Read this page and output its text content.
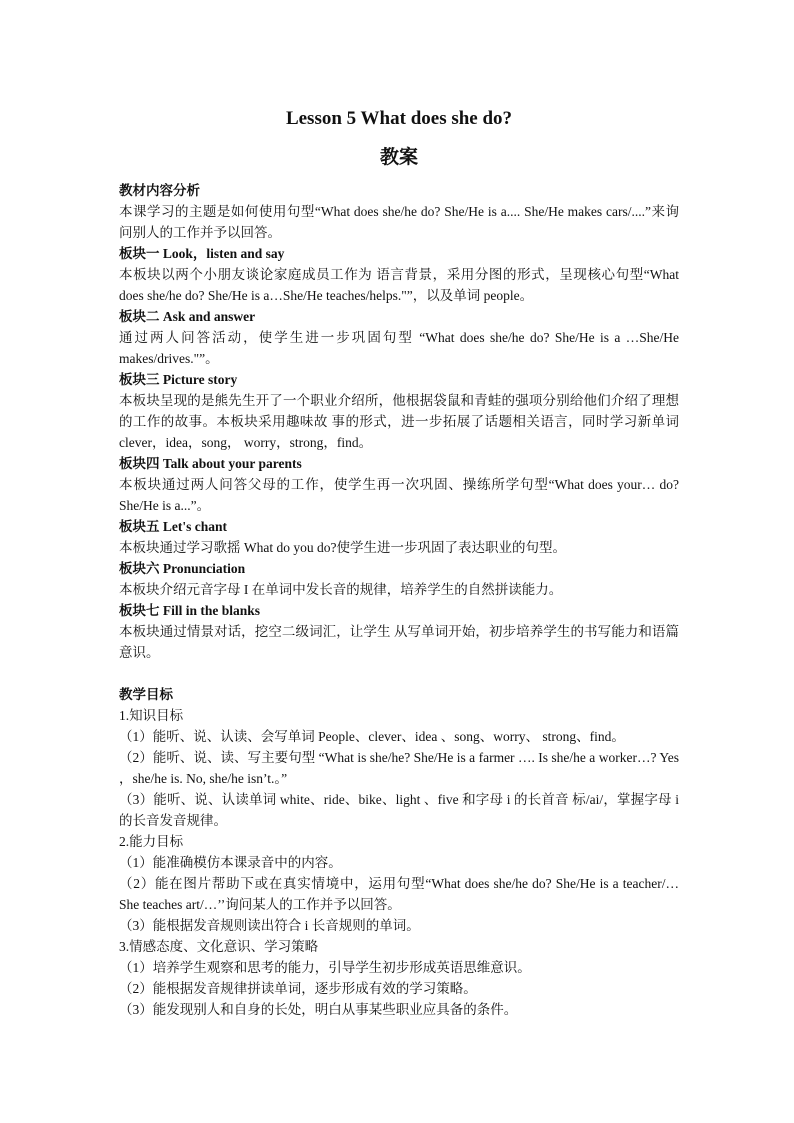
Lesson 5 What does she do?
教案

教材内容分析

本课学习的主题是如何使用句型“What does she/he do? She/He is a.... She/He makes cars/....”来询问别人的工作并予以回答。

板块一 Look，listen and say

本板块以两个小朋友谈论家庭成员工作为 语言背景，采用分图的形式，呈现核心句型“What does she/he do? She/He is a…She/He teaches/helps."”，以及单词 people。

板块二 Ask and answer

通过两人问答活动，使学生进一步巩固句型 “What does she/he do? She/He is a …She/He makes/drives."”。

板块三 Picture story

本板块呈现的是熊先生开了一个职业介绍所，他根据袋鼠和青蛙的强项分别给他们介绍了理想的工作的故事。本板块采用趣味故 事的形式，进一步拓展了话题相关语言，同时学习新单词 clever，idea，song， worry，strong，find。

板块四 Talk about your parents

本板块通过两人问答父母的工作，使学生再一次巩固、操练所学句型“What does your… do? She/He is a...”。

板块五 Let's chant

本板块通过学习歌摇 What do you do?使学生进一步巩固了表达职业的句型。

板块六 Pronunciation

本板块介绍元音字母 I 在单词中发长音的规律，培养学生的自然拼读能力。

板块七 Fill in the blanks

本板块通过情景对话，挖空二级词汇，让学生 从写单词开始，初步培养学生的书写能力和语篇意识。

教学目标

1.知识目标

（1）能听、说、认读、会写单词 People、clever、idea 、song、worry、 strong、find。

（2）能听、说、读、写主要句型 “What is she/he? She/He is a farmer …. Is she/he a worker…? Yes ，she/he is. No, she/he isn’t.。”

（3）能听、说、认读单词 white、ride、bike、light 、five 和字母 i 的长首音 标/ai/，掌握字母 i 的长音发音规律。

2.能力目标

（1）能准确模仿本课录音中的内容。

（2）能在图片帮助下或在真实情境中，运用句型“What does she/he do? She/He is a teacher/… She teaches art/…’’询问某人的工作并予以回答。

（3）能根据发音规则读出符合 i 长音规则的单词。

3.情感态度、文化意识、学习策略

（1）培养学生观察和思考的能力，引导学生初步形成英语思维意识。

（2）能根据发音规律拼读单词，逐步形成有效的学习策略。

（3）能发现别人和自身的长处，明白从事某些职业应具备的条件。
